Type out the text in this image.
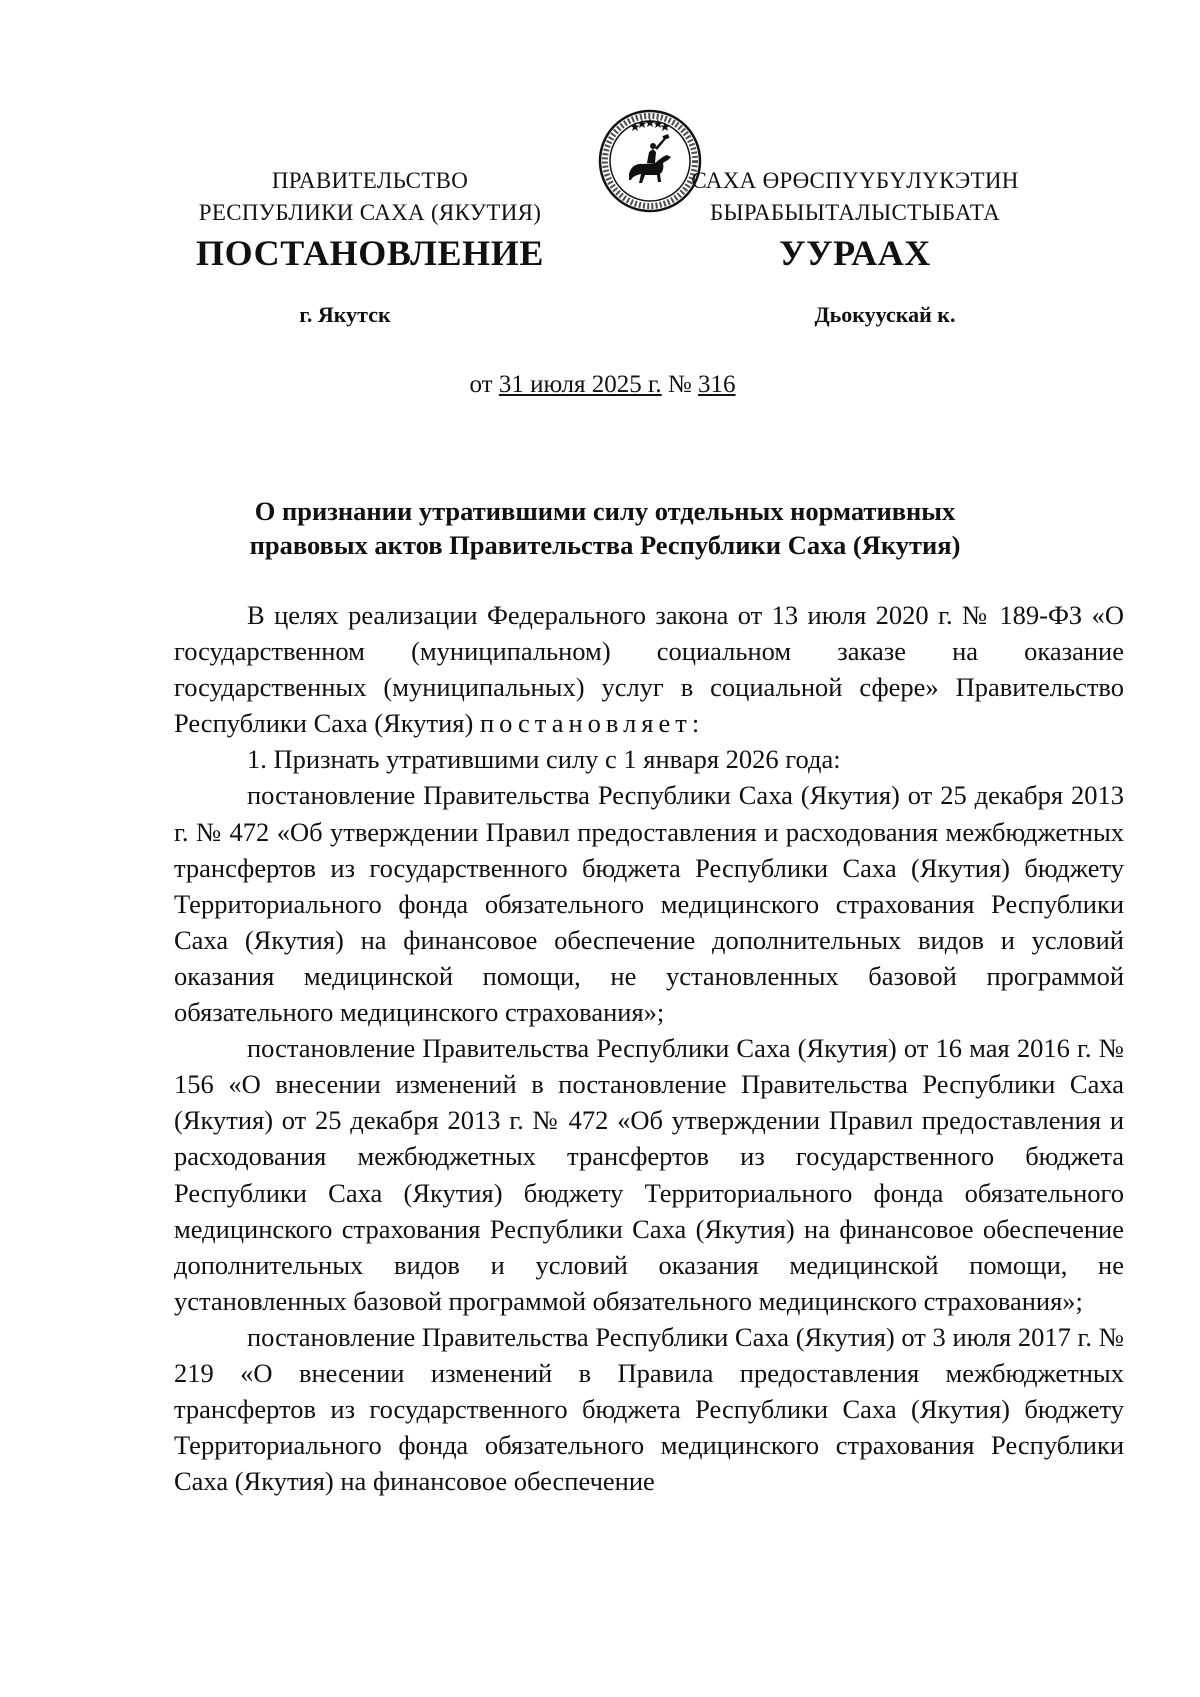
ПРАВИТЕЛЬСТВО
РЕСПУБЛИКИ САХА (ЯКУТИЯ)
САХА ӨРӨСПҮҮБҮЛҮКЭТИН
БЫРАБЫЫТАЛЫСТЫБАТА
ПОСТАНОВЛЕНИЕ	УУРААХ
г. Якутск	Дьокуускай к.
от 31 июля 2025 г. № 316
О признании утратившими силу отдельных нормативных
правовых актов Правительства Республики Саха (Якутия)

В целях реализации Федерального закона от 13 июля 2020 г. № 189-ФЗ «О государственном (муниципальном) социальном заказе на оказание государственных (муниципальных) услуг в социальной сфере» Правительство Республики Саха (Якутия) постановляет:

1. Признать утратившими силу с 1 января 2026 года:

постановление Правительства Республики Саха (Якутия) от 25 декабря 2013 г. № 472 «Об утверждении Правил предоставления и расходования межбюджетных трансфертов из государственного бюджета Республики Саха (Якутия) бюджету Территориального фонда обязательного медицинского страхования Республики Саха (Якутия) на финансовое обеспечение дополнительных видов и условий оказания медицинской помощи, не установленных базовой программой обязательного медицинского страхования»;

постановление Правительства Республики Саха (Якутия) от 16 мая 2016 г. № 156 «О внесении изменений в постановление Правительства Республики Саха (Якутия) от 25 декабря 2013 г. № 472 «Об утверждении Правил предоставления и расходования межбюджетных трансфертов из государственного бюджета Республики Саха (Якутия) бюджету Территориального фонда обязательного медицинского страхования Республики Саха (Якутия) на финансовое обеспечение дополнительных видов и условий оказания медицинской помощи, не установленных базовой программой обязательного медицинского страхования»;

постановление Правительства Республики Саха (Якутия) от 3 июля 2017 г. № 219 «О внесении изменений в Правила предоставления межбюджетных трансфертов из государственного бюджета Республики Саха (Якутия) бюджету Территориального фонда обязательного медицинского страхования Республики Саха (Якутия) на финансовое обеспечение
